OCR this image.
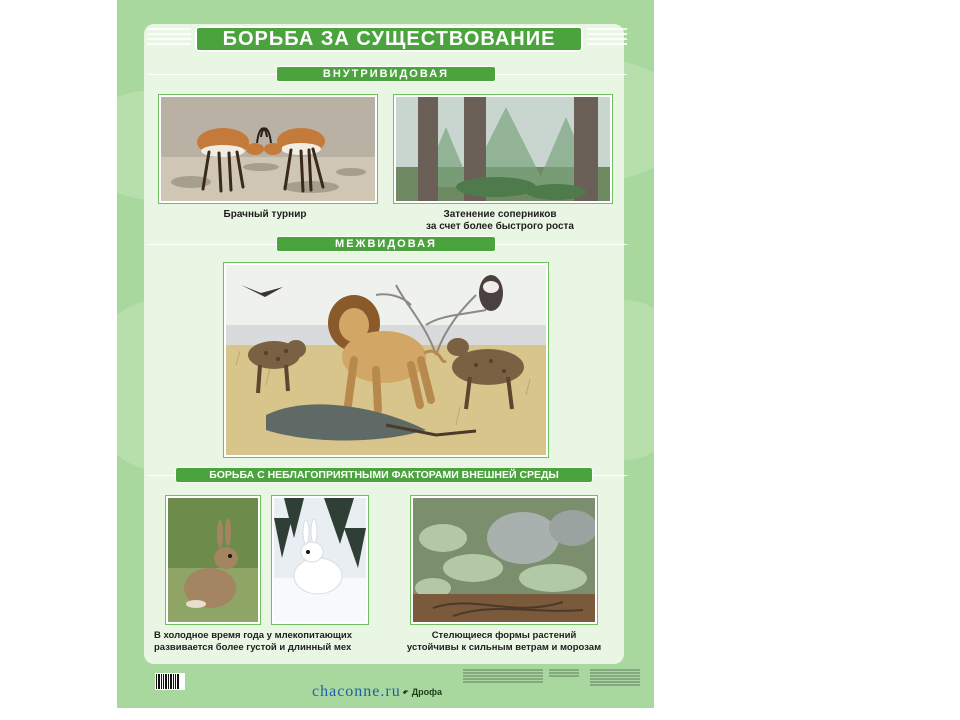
БОРЬБА ЗА СУЩЕСТВОВАНИЕ
ВНУТРИВИДОВАЯ
Брачный турнир	Затенение соперников
за счет более быстрого роста
МЕЖВИДОВАЯ
БОРЬБА С НЕБЛАГОПРИЯТНЫМИ ФАКТОРАМИ ВНЕШНЕЙ СРЕДЫ
В холодное время года у млекопитающих
развивается более густой и длинный мех
Стелющиеся формы растений
устойчивы к сильным ветрам и морозам
Дрофа
chaconne.ru
